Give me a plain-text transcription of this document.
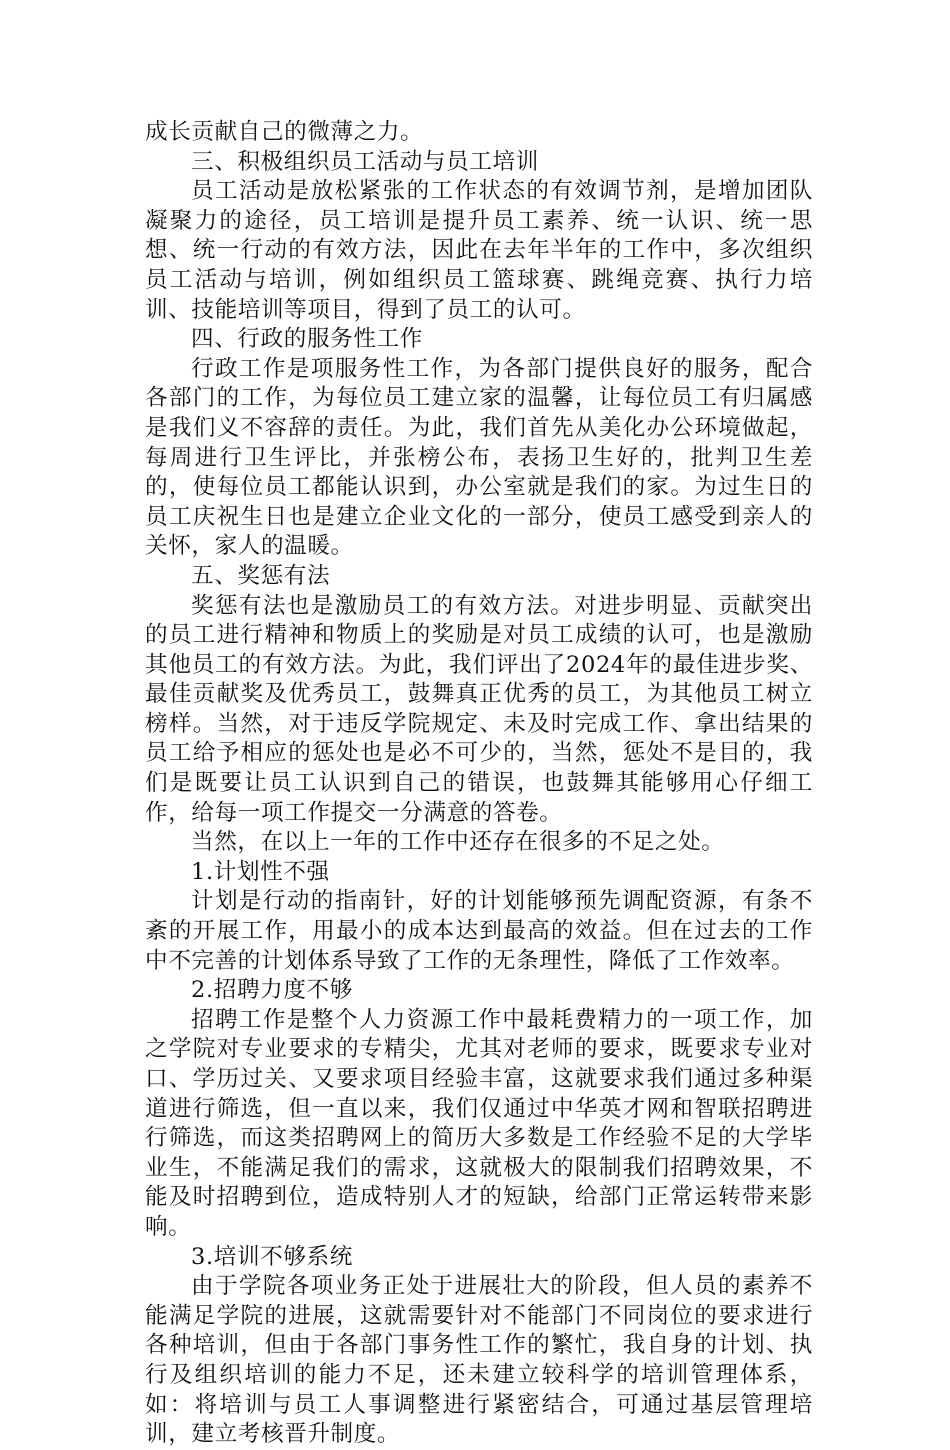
成长贡献自己的微薄之力。

三、积极组织员工活动与员工培训

员工活动是放松紧张的工作状态的有效调节剂，是增加团队凝聚力的途径，员工培训是提升员工素养、统一认识、统一思想、统一行动的有效方法，因此在去年半年的工作中，多次组织员工活动与培训，例如组织员工篮球赛、跳绳竞赛、执行力培训、技能培训等项目，得到了员工的认可。

四、行政的服务性工作

行政工作是项服务性工作，为各部门提供良好的服务，配合各部门的工作，为每位员工建立家的温馨，让每位员工有归属感是我们义不容辞的责任。为此，我们首先从美化办公环境做起，每周进行卫生评比，并张榜公布，表扬卫生好的，批判卫生差的，使每位员工都能认识到，办公室就是我们的家。为过生日的员工庆祝生日也是建立企业文化的一部分，使员工感受到亲人的关怀，家人的温暖。

五、奖惩有法

奖惩有法也是激励员工的有效方法。对进步明显、贡献突出的员工进行精神和物质上的奖励是对员工成绩的认可，也是激励其他员工的有效方法。为此，我们评出了2024年的最佳进步奖、最佳贡献奖及优秀员工，鼓舞真正优秀的员工，为其他员工树立榜样。当然，对于违反学院规定、未及时完成工作、拿出结果的员工给予相应的惩处也是必不可少的，当然，惩处不是目的，我们是既要让员工认识到自己的错误，也鼓舞其能够用心仔细工作，给每一项工作提交一分满意的答卷。

当然，在以上一年的工作中还存在很多的不足之处。

1.计划性不强

计划是行动的指南针，好的计划能够预先调配资源，有条不紊的开展工作，用最小的成本达到最高的效益。但在过去的工作中不完善的计划体系导致了工作的无条理性，降低了工作效率。

2.招聘力度不够

招聘工作是整个人力资源工作中最耗费精力的一项工作，加之学院对专业要求的专精尖，尤其对老师的要求，既要求专业对口、学历过关、又要求项目经验丰富，这就要求我们通过多种渠道进行筛选，但一直以来，我们仅通过中华英才网和智联招聘进行筛选，而这类招聘网上的简历大多数是工作经验不足的大学毕业生，不能满足我们的需求，这就极大的限制我们招聘效果，不能及时招聘到位，造成特别人才的短缺，给部门正常运转带来影响。

3.培训不够系统

由于学院各项业务正处于进展壮大的阶段，但人员的素养不能满足学院的进展，这就需要针对不能部门不同岗位的要求进行各种培训，但由于各部门事务性工作的繁忙，我自身的计划、执行及组织培训的能力不足，还未建立较科学的培训管理体系，如：将培训与员工人事调整进行紧密结合，可通过基层管理培训，建立考核晋升制度。
